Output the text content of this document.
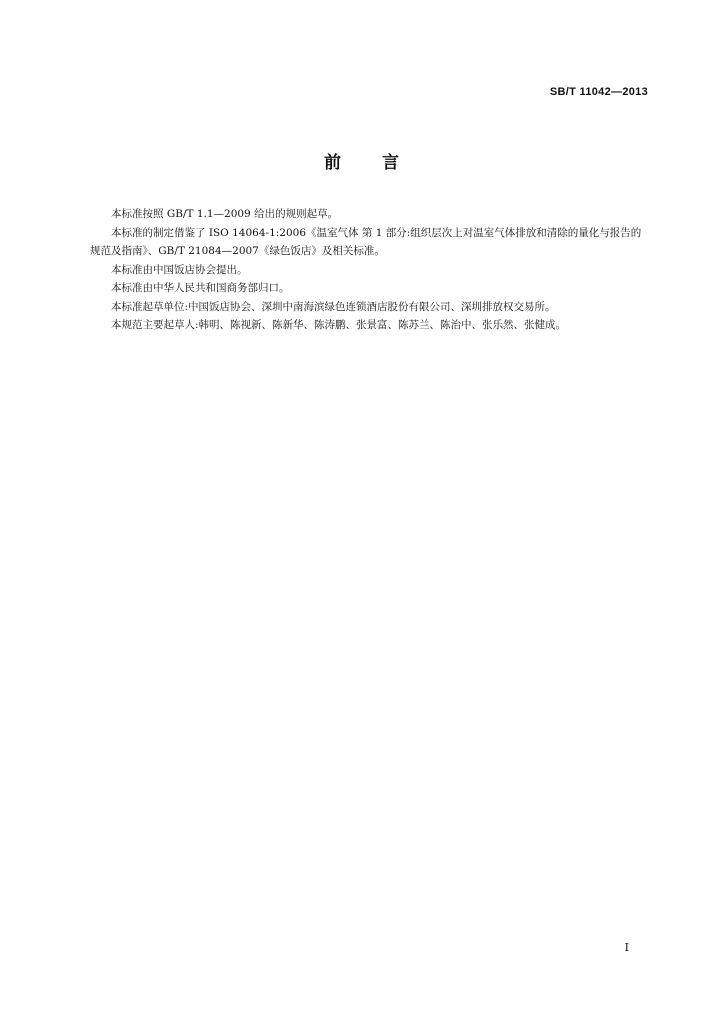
SB/T 11042—2013
前 言

本标准按照 GB/T 1.1—2009 给出的规则起草。

本标准的制定借鉴了 ISO 14064-1:2006《温室气体 第 1 部分:组织层次上对温室气体排放和清除的量化与报告的规范及指南》、GB/T 21084—2007《绿色饭店》及相关标准。

本标准由中国饭店协会提出。

本标准由中华人民共和国商务部归口。

本标准起草单位:中国饭店协会、深圳中南海滨绿色连锁酒店股份有限公司、深圳排放权交易所。

本规范主要起草人:韩明、陈视新、陈新华、陈涛鹏、张景富、陈苏兰、陈治中、张乐然、张健成。

I
